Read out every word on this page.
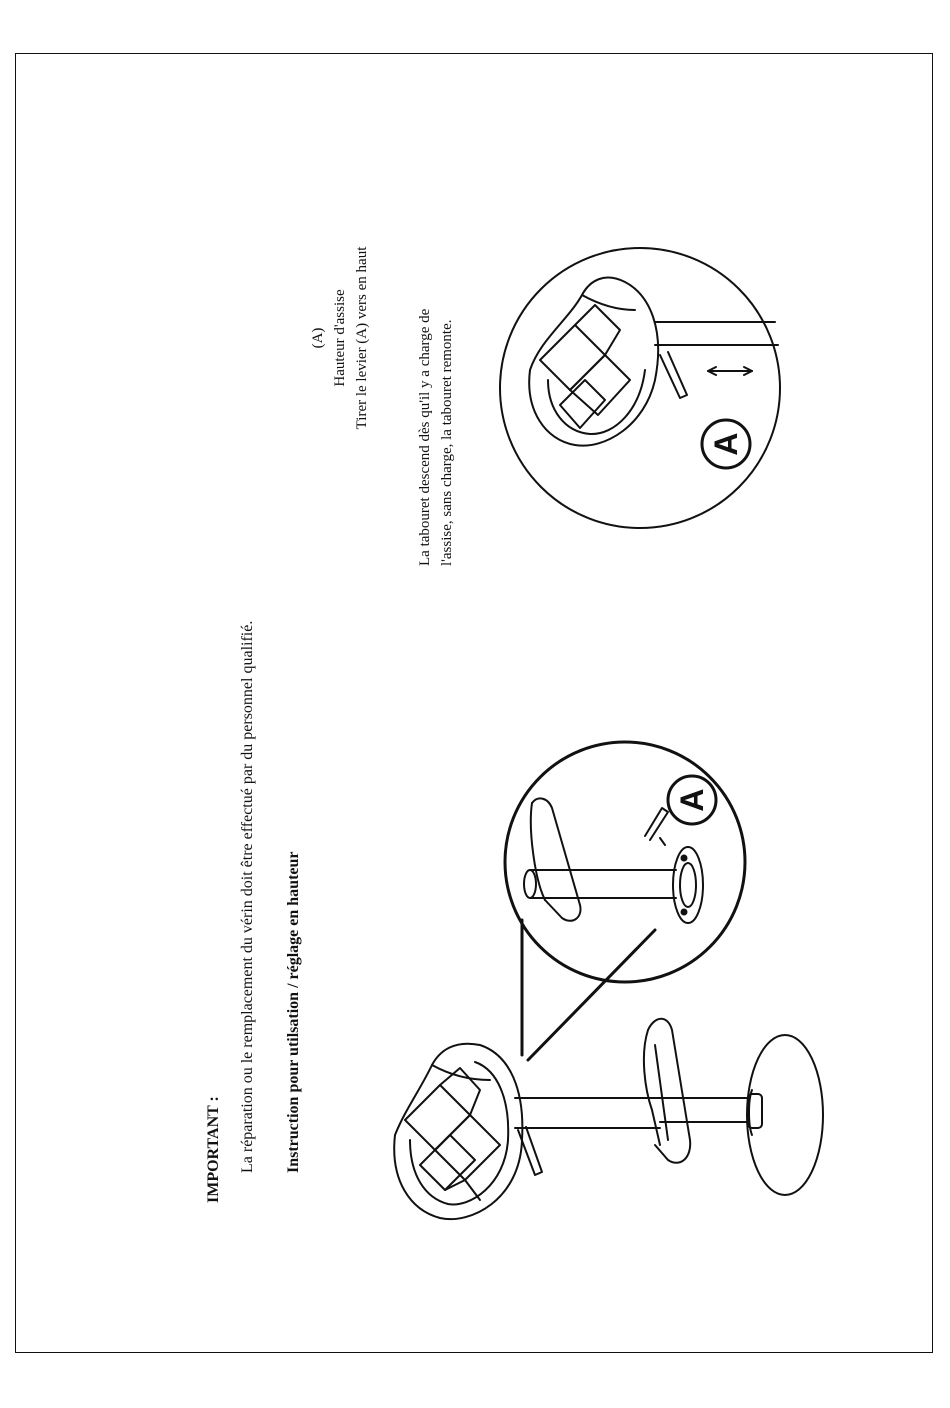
IMPORTANT : La réparation ou le remplacement du vérin doit être effectué par du personnel qualifié. Instruction pour utilsation / réglage en hauteur
(A) Hauteur d'assise Tirer le levier (A) vers en haut	La tabouret descend dès qu'il y a charge de l'assise, sans charge, la tabouret remonte.
A
A
